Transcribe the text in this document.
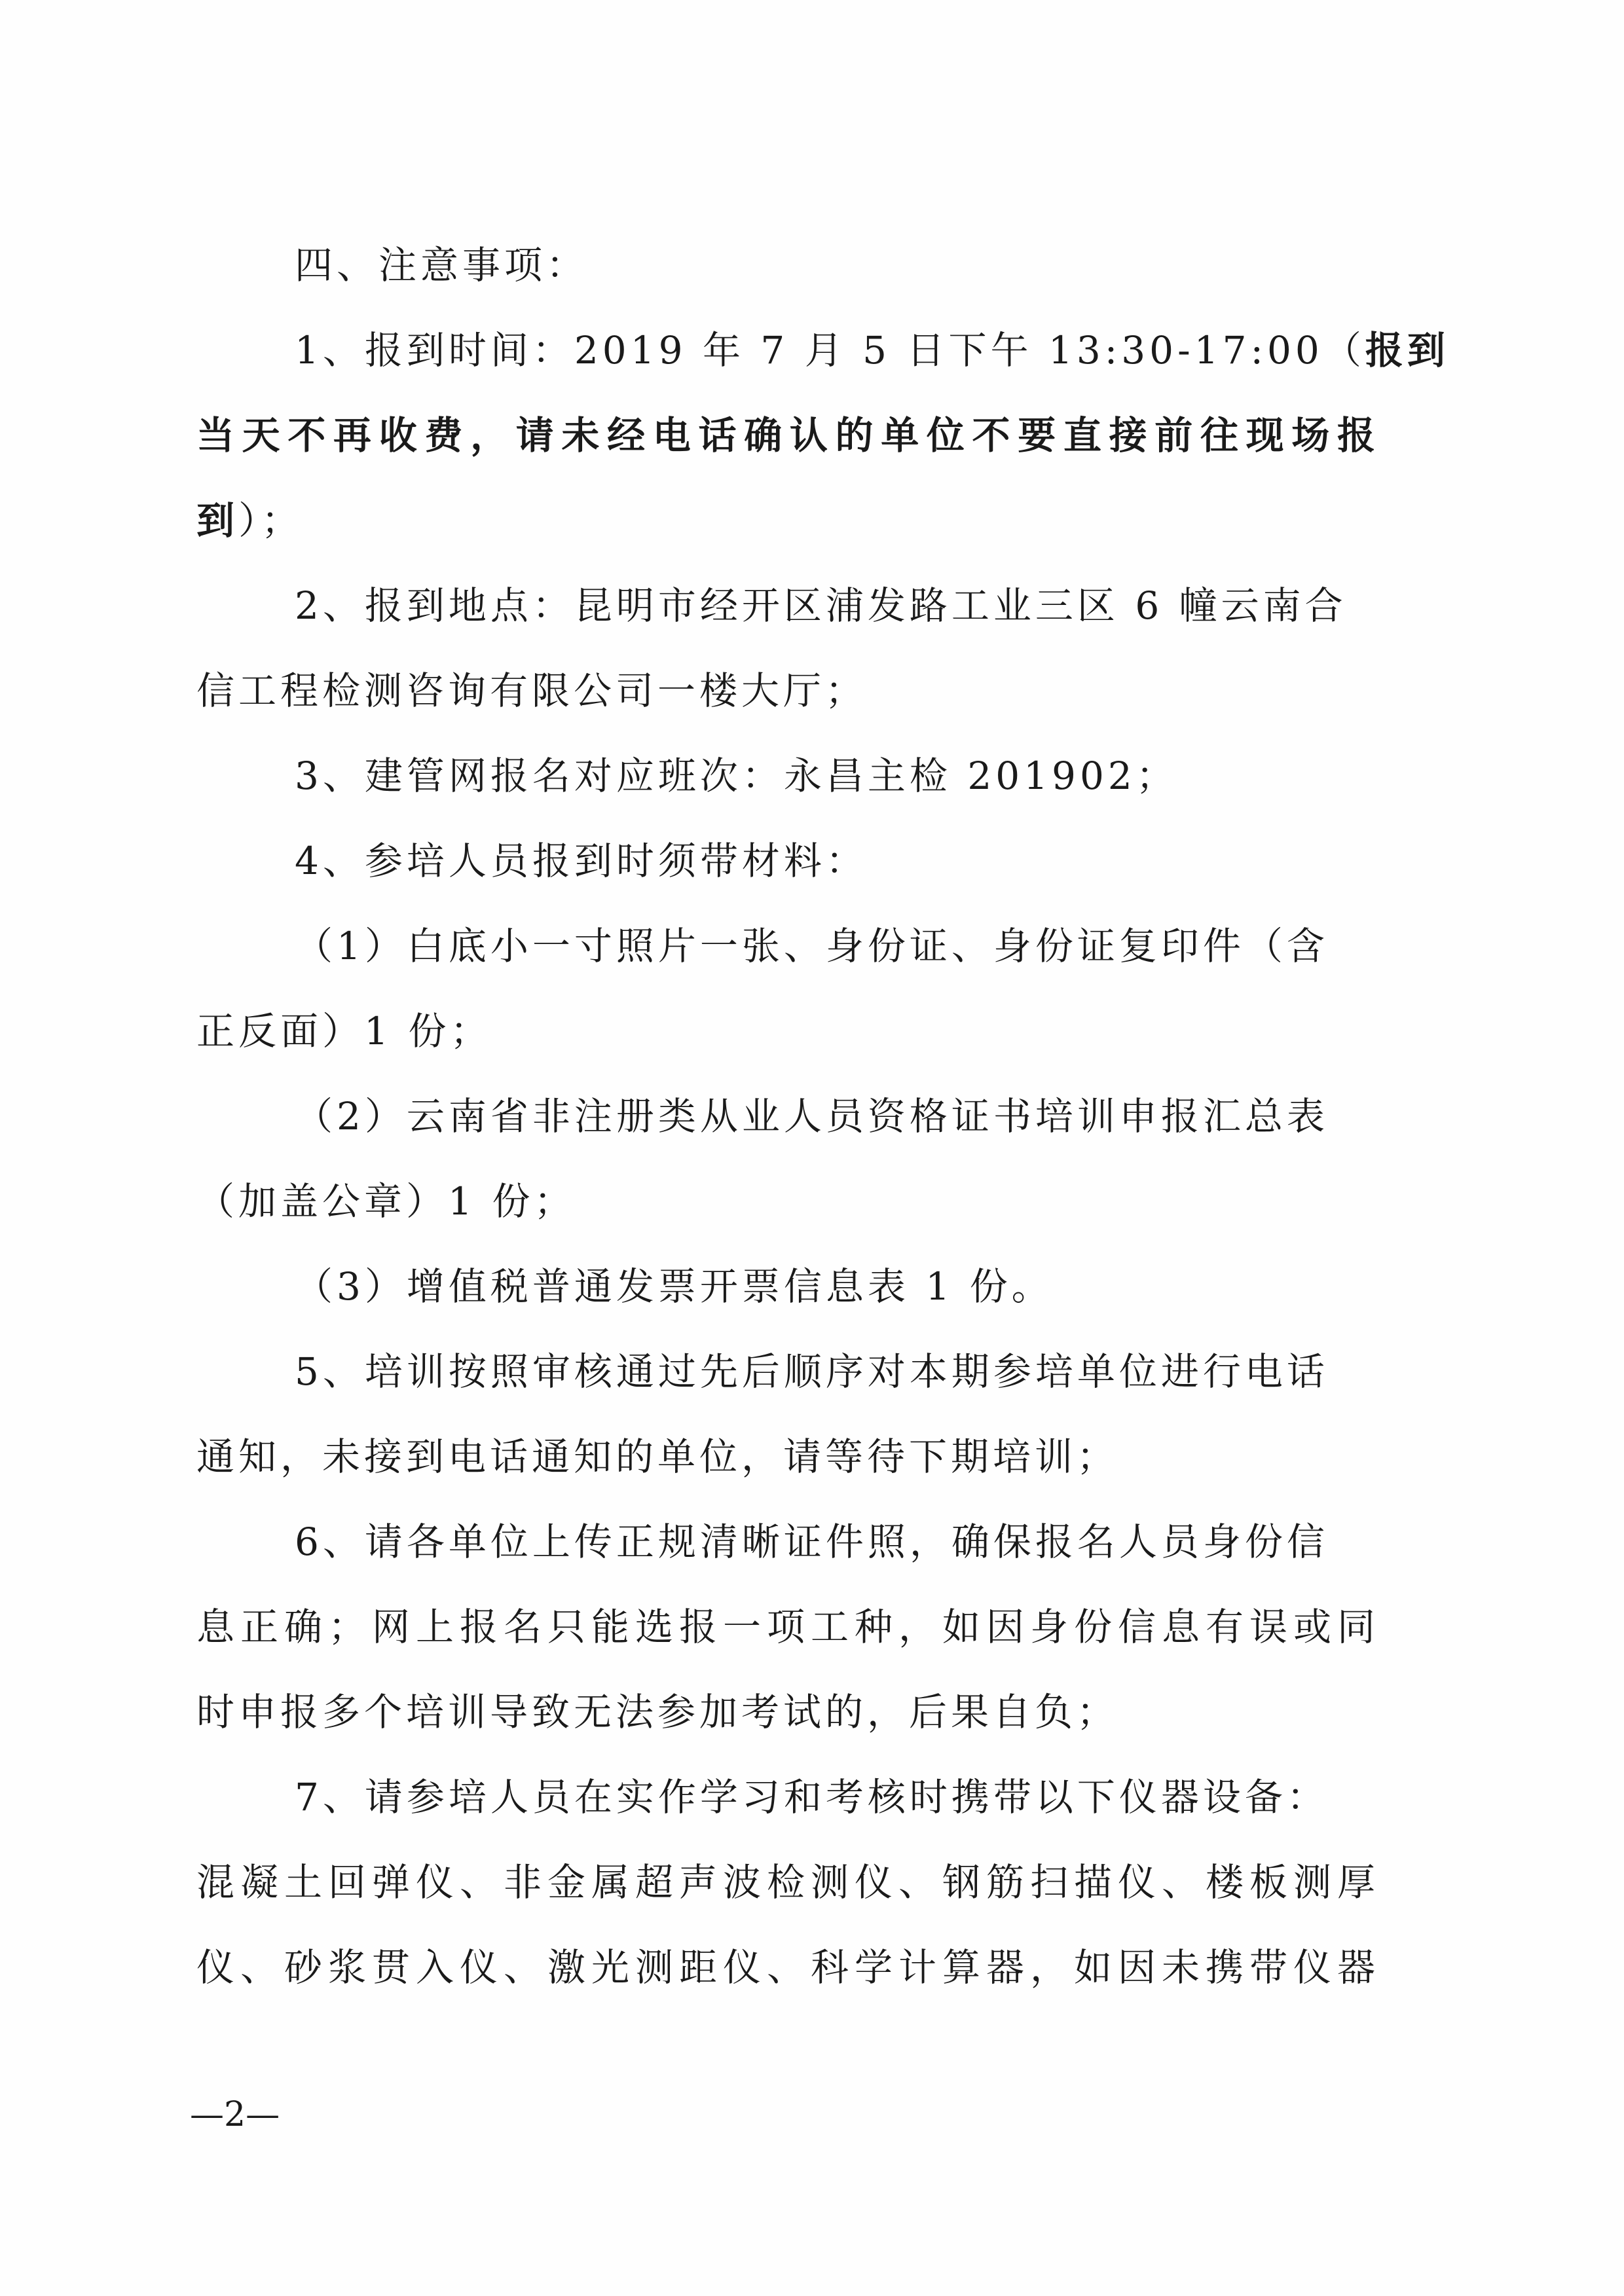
四、注意事项：
1、报到时间：2019 年 7 月 5 日下午 13:30-17:00（报到
当天不再收费，请未经电话确认的单位不要直接前往现场报
到）；
2、报到地点：昆明市经开区浦发路工业三区 6 幢云南合
信工程检测咨询有限公司一楼大厅；
3、建管网报名对应班次：永昌主检 201902；
4、参培人员报到时须带材料：
（1）白底小一寸照片一张、身份证、身份证复印件（含
正反面）1 份；
（2）云南省非注册类从业人员资格证书培训申报汇总表
（加盖公章）1 份；
（3）增值税普通发票开票信息表 1 份。
5、培训按照审核通过先后顺序对本期参培单位进行电话
通知，未接到电话通知的单位，请等待下期培训；
6、请各单位上传正规清晰证件照，确保报名人员身份信
息正确；网上报名只能选报一项工种，如因身份信息有误或同
时申报多个培训导致无法参加考试的，后果自负；
7、请参培人员在实作学习和考核时携带以下仪器设备：
混凝土回弹仪、非金属超声波检测仪、钢筋扫描仪、楼板测厚
仪、砂浆贯入仪、激光测距仪、科学计算器，如因未携带仪器
—2—
